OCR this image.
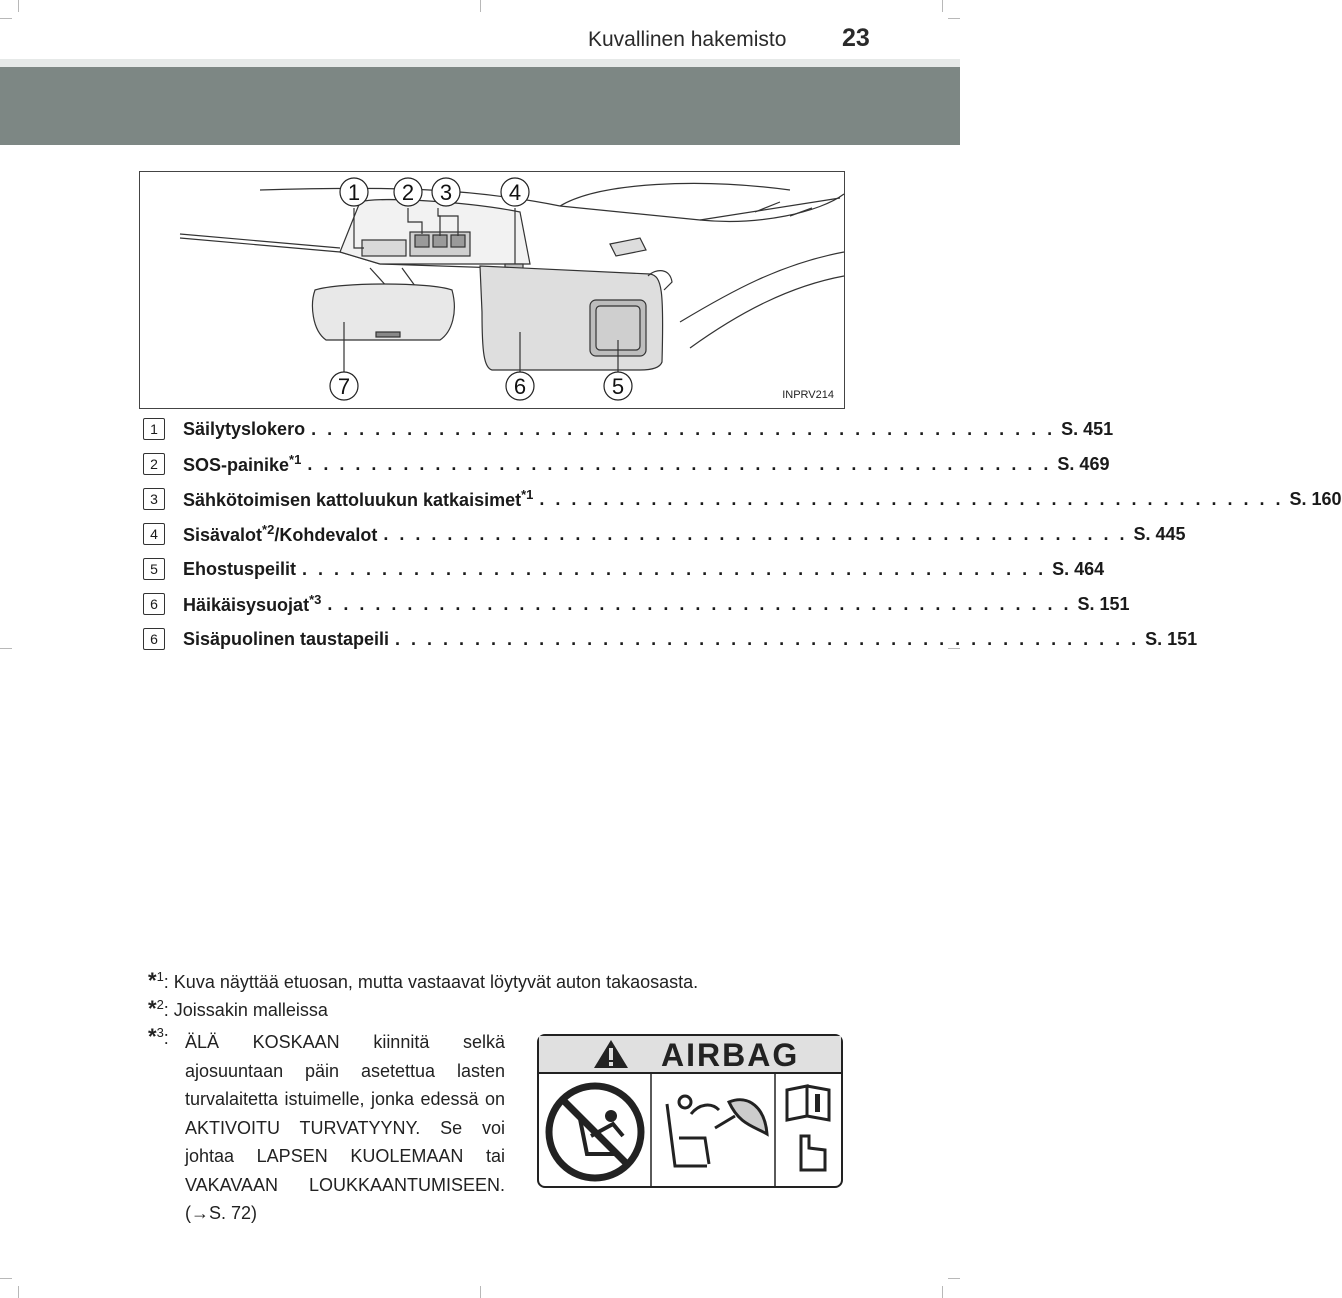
Kuvallinen hakemisto 23
1 2 3	4
5
6
7	INPRV214
1	Säilytyslokero . . . . . . . . . . . . . . . . . . . . . . . . . . . . . . . . . . . . . . . . . . . . . . . S. 451
2	SOS-painike$^{*1}$ . . . . . . . . . . . . . . . . . . . . . . . . . . . . . . . . . . . . . . . . . . . . . . . S. 469
3	Sähkötoimisen kattoluukun katkaisimet$^{*1}$ . . . . . . . . . . . . . . . . . . . . . . . . . . . . . . . . . . . . . . . . . . . . . . . S. 160
4	Sisävalot$^{*2}$/Kohdevalot . . . . . . . . . . . . . . . . . . . . . . . . . . . . . . . . . . . . . . . . . . . . . . . S. 445
5	Ehostuspeilit . . . . . . . . . . . . . . . . . . . . . . . . . . . . . . . . . . . . . . . . . . . . . . . S. 464
6	Häikäisysuojat$^{*3}$ . . . . . . . . . . . . . . . . . . . . . . . . . . . . . . . . . . . . . . . . . . . . . . . S. 151
6	Sisäpuolinen taustapeili . . . . . . . . . . . . . . . . . . . . . . . . . . . . . . . . . . . . . . . . . . . . . . . S. 151
*$^1$: Kuva näyttää etuosan, mutta vastaavat löytyvät auton takaosasta.
*$^2$: Joissakin malleissa
*$^3$: ÄLÄ KOSKAAN kiinnitä selkä ajosuuntaan päin asetettua lasten turvalaitetta istuimelle, jonka edessä on AKTIVOITU TURVATYYNY. Se voi johtaa LAPSEN KUOLEMAAN tai VAKAVAAN LOUKKAANTUMISEEN. (→S. 72)
AIRBAG
